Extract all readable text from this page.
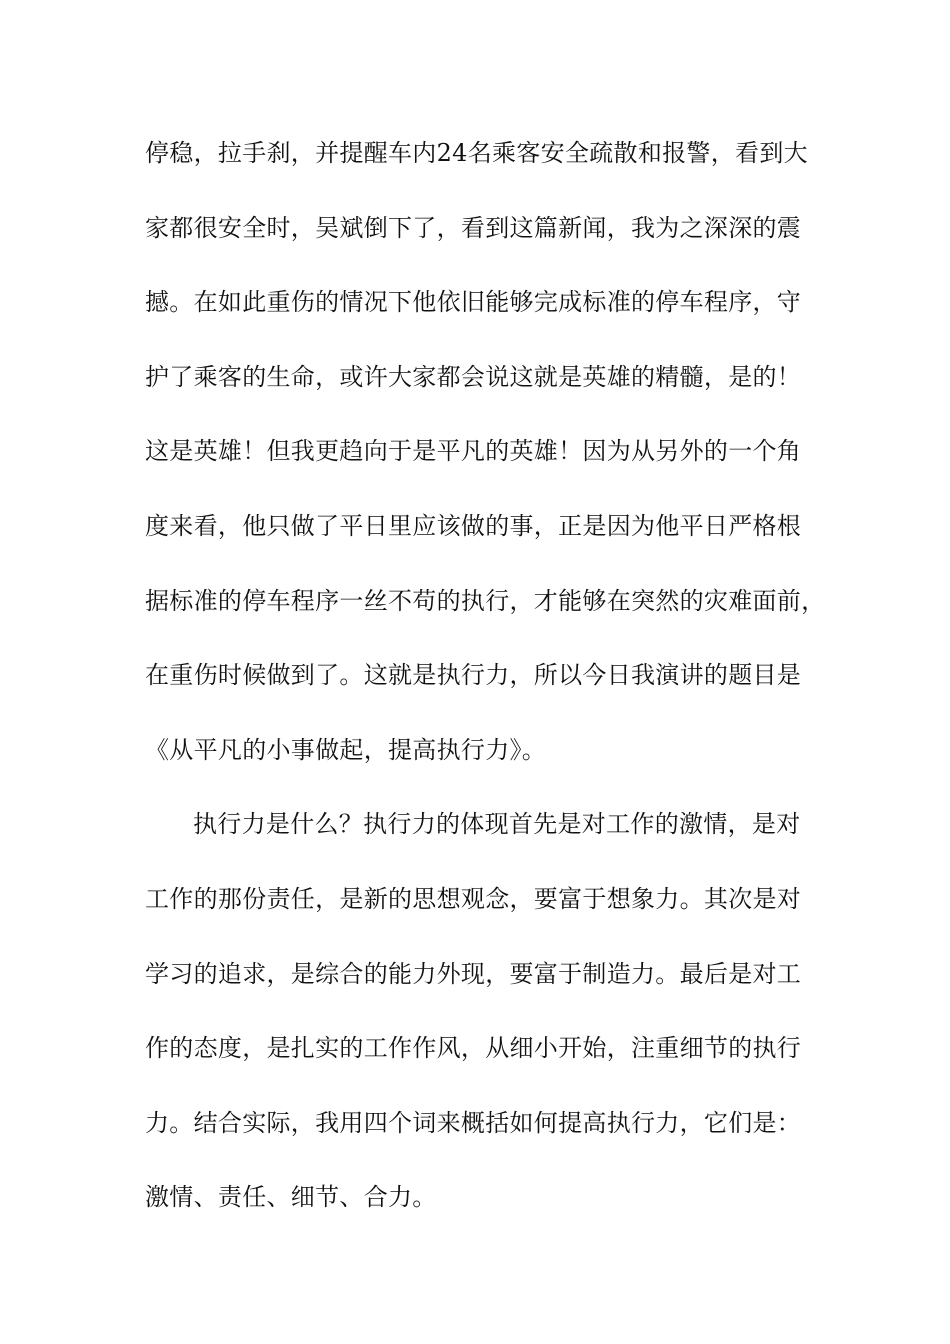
停稳，拉手刹，并提醒车内24名乘客安全疏散和报警，看到大
家都很安全时，吴斌倒下了，看到这篇新闻，我为之深深的震
撼。在如此重伤的情况下他依旧能够完成标准的停车程序，守
护了乘客的生命，或许大家都会说这就是英雄的精髓，是的！
这是英雄！但我更趋向于是平凡的英雄！因为从另外的一个角
度来看，他只做了平日里应该做的事，正是因为他平日严格根
据标准的停车程序一丝不苟的执行，才能够在突然的灾难面前，
在重伤时候做到了。这就是执行力，所以今日我演讲的题目是
《从平凡的小事做起，提高执行力》。
执行力是什么？执行力的体现首先是对工作的激情，是对
工作的那份责任，是新的思想观念，要富于想象力。其次是对
学习的追求，是综合的能力外现，要富于制造力。最后是对工
作的态度，是扎实的工作作风，从细小开始，注重细节的执行
力。结合实际，我用四个词来概括如何提高执行力，它们是：
激情、责任、细节、合力。
